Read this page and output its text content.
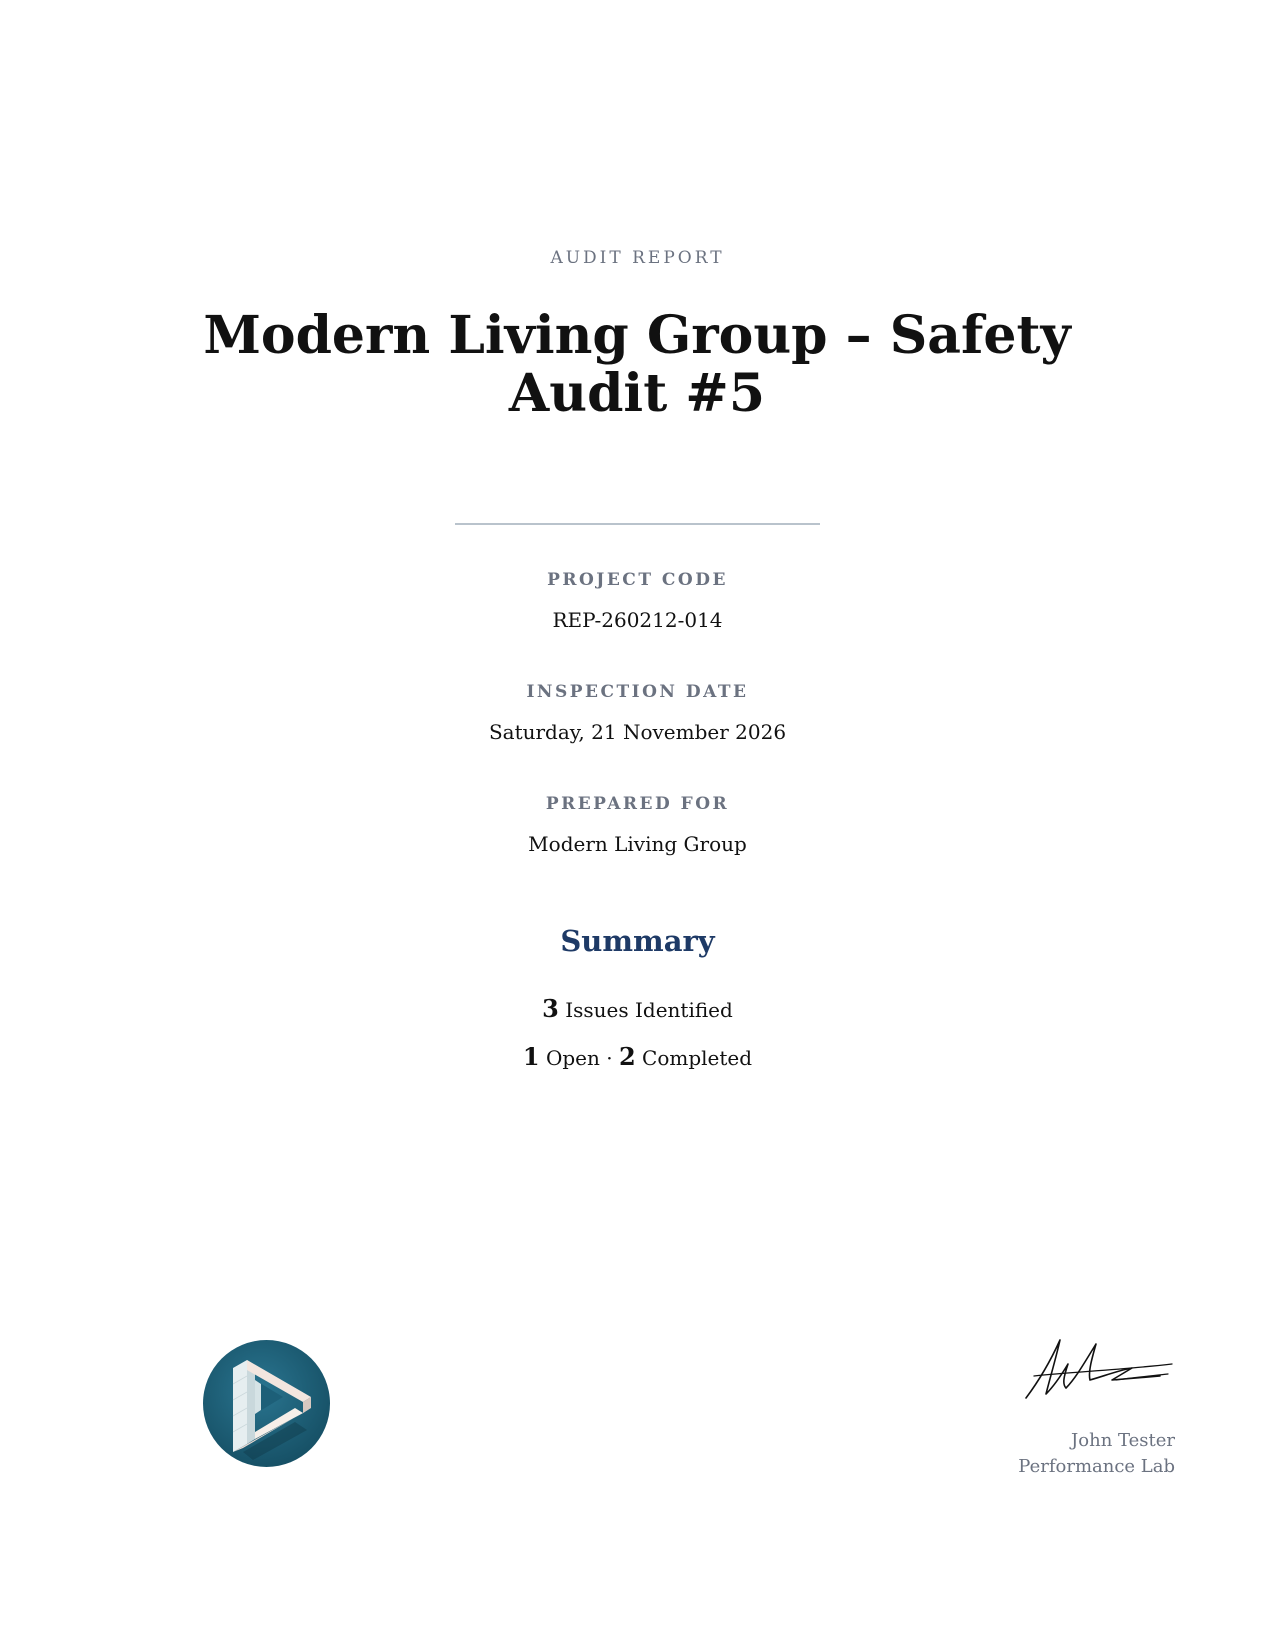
AUDIT REPORT
Modern Living Group – Safety Audit #5
PROJECT CODE
REP-260212-014
INSPECTION DATE
Saturday, 21 November 2026
PREPARED FOR
Modern Living Group
Summary
3 Issues Identified
1 Open · 2 Completed
John Tester
Performance Lab
